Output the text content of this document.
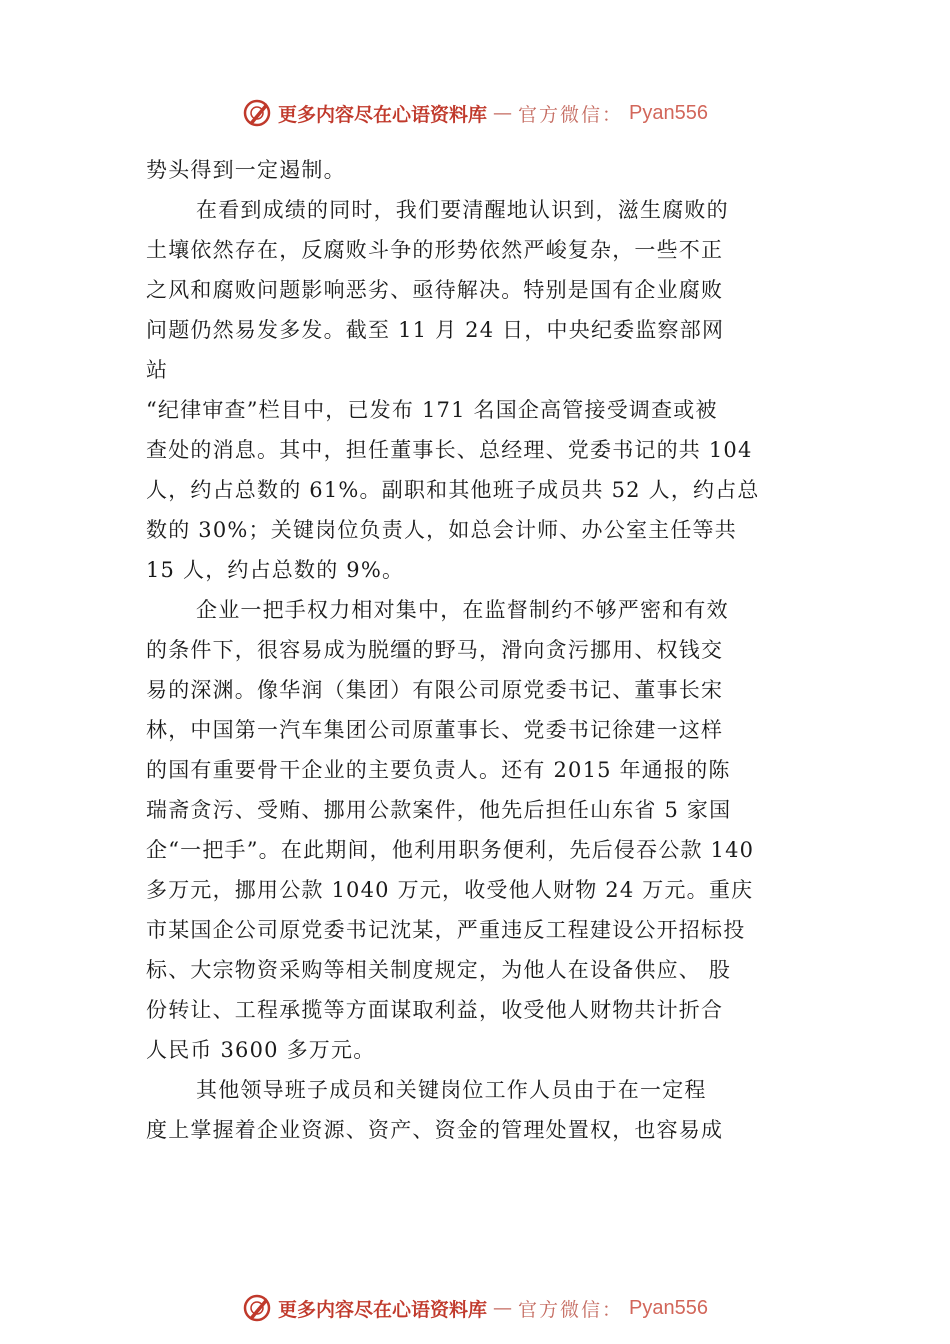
更多内容尽在心语资料库 — 官方微信： Pyan556
势头得到一定遏制。
在看到成绩的同时，我们要清醒地认识到，滋生腐败的
土壤依然存在，反腐败斗争的形势依然严峻复杂，一些不正
之风和腐败问题影响恶劣、亟待解决。特别是国有企业腐败
问题仍然易发多发。截至 11 月 24 日，中央纪委监察部网
站
“纪律审查”栏目中，已发布 171 名国企高管接受调查或被
查处的消息。其中，担任董事长、总经理、党委书记的共 104
人，约占总数的 61%。副职和其他班子成员共 52 人，约占总
数的 30%；关键岗位负责人，如总会计师、办公室主任等共
15 人，约占总数的 9%。
企业一把手权力相对集中，在监督制约不够严密和有效
的条件下，很容易成为脱缰的野马，滑向贪污挪用、权钱交
易的深渊。像华润（集团）有限公司原党委书记、董事长宋
林，中国第一汽车集团公司原董事长、党委书记徐建一这样
的国有重要骨干企业的主要负责人。还有 2015 年通报的陈
瑞斋贪污、受贿、挪用公款案件，他先后担任山东省 5 家国
企“一把手”。在此期间，他利用职务便利，先后侵吞公款 140
多万元，挪用公款 1040 万元，收受他人财物 24 万元。重庆
市某国企公司原党委书记沈某，严重违反工程建设公开招标投
标、大宗物资采购等相关制度规定，为他人在设备供应、 股
份转让、工程承揽等方面谋取利益，收受他人财物共计折合
人民币 3600 多万元。
其他领导班子成员和关键岗位工作人员由于在一定程
度上掌握着企业资源、资产、资金的管理处置权，也容易成
更多内容尽在心语资料库 — 官方微信： Pyan556
